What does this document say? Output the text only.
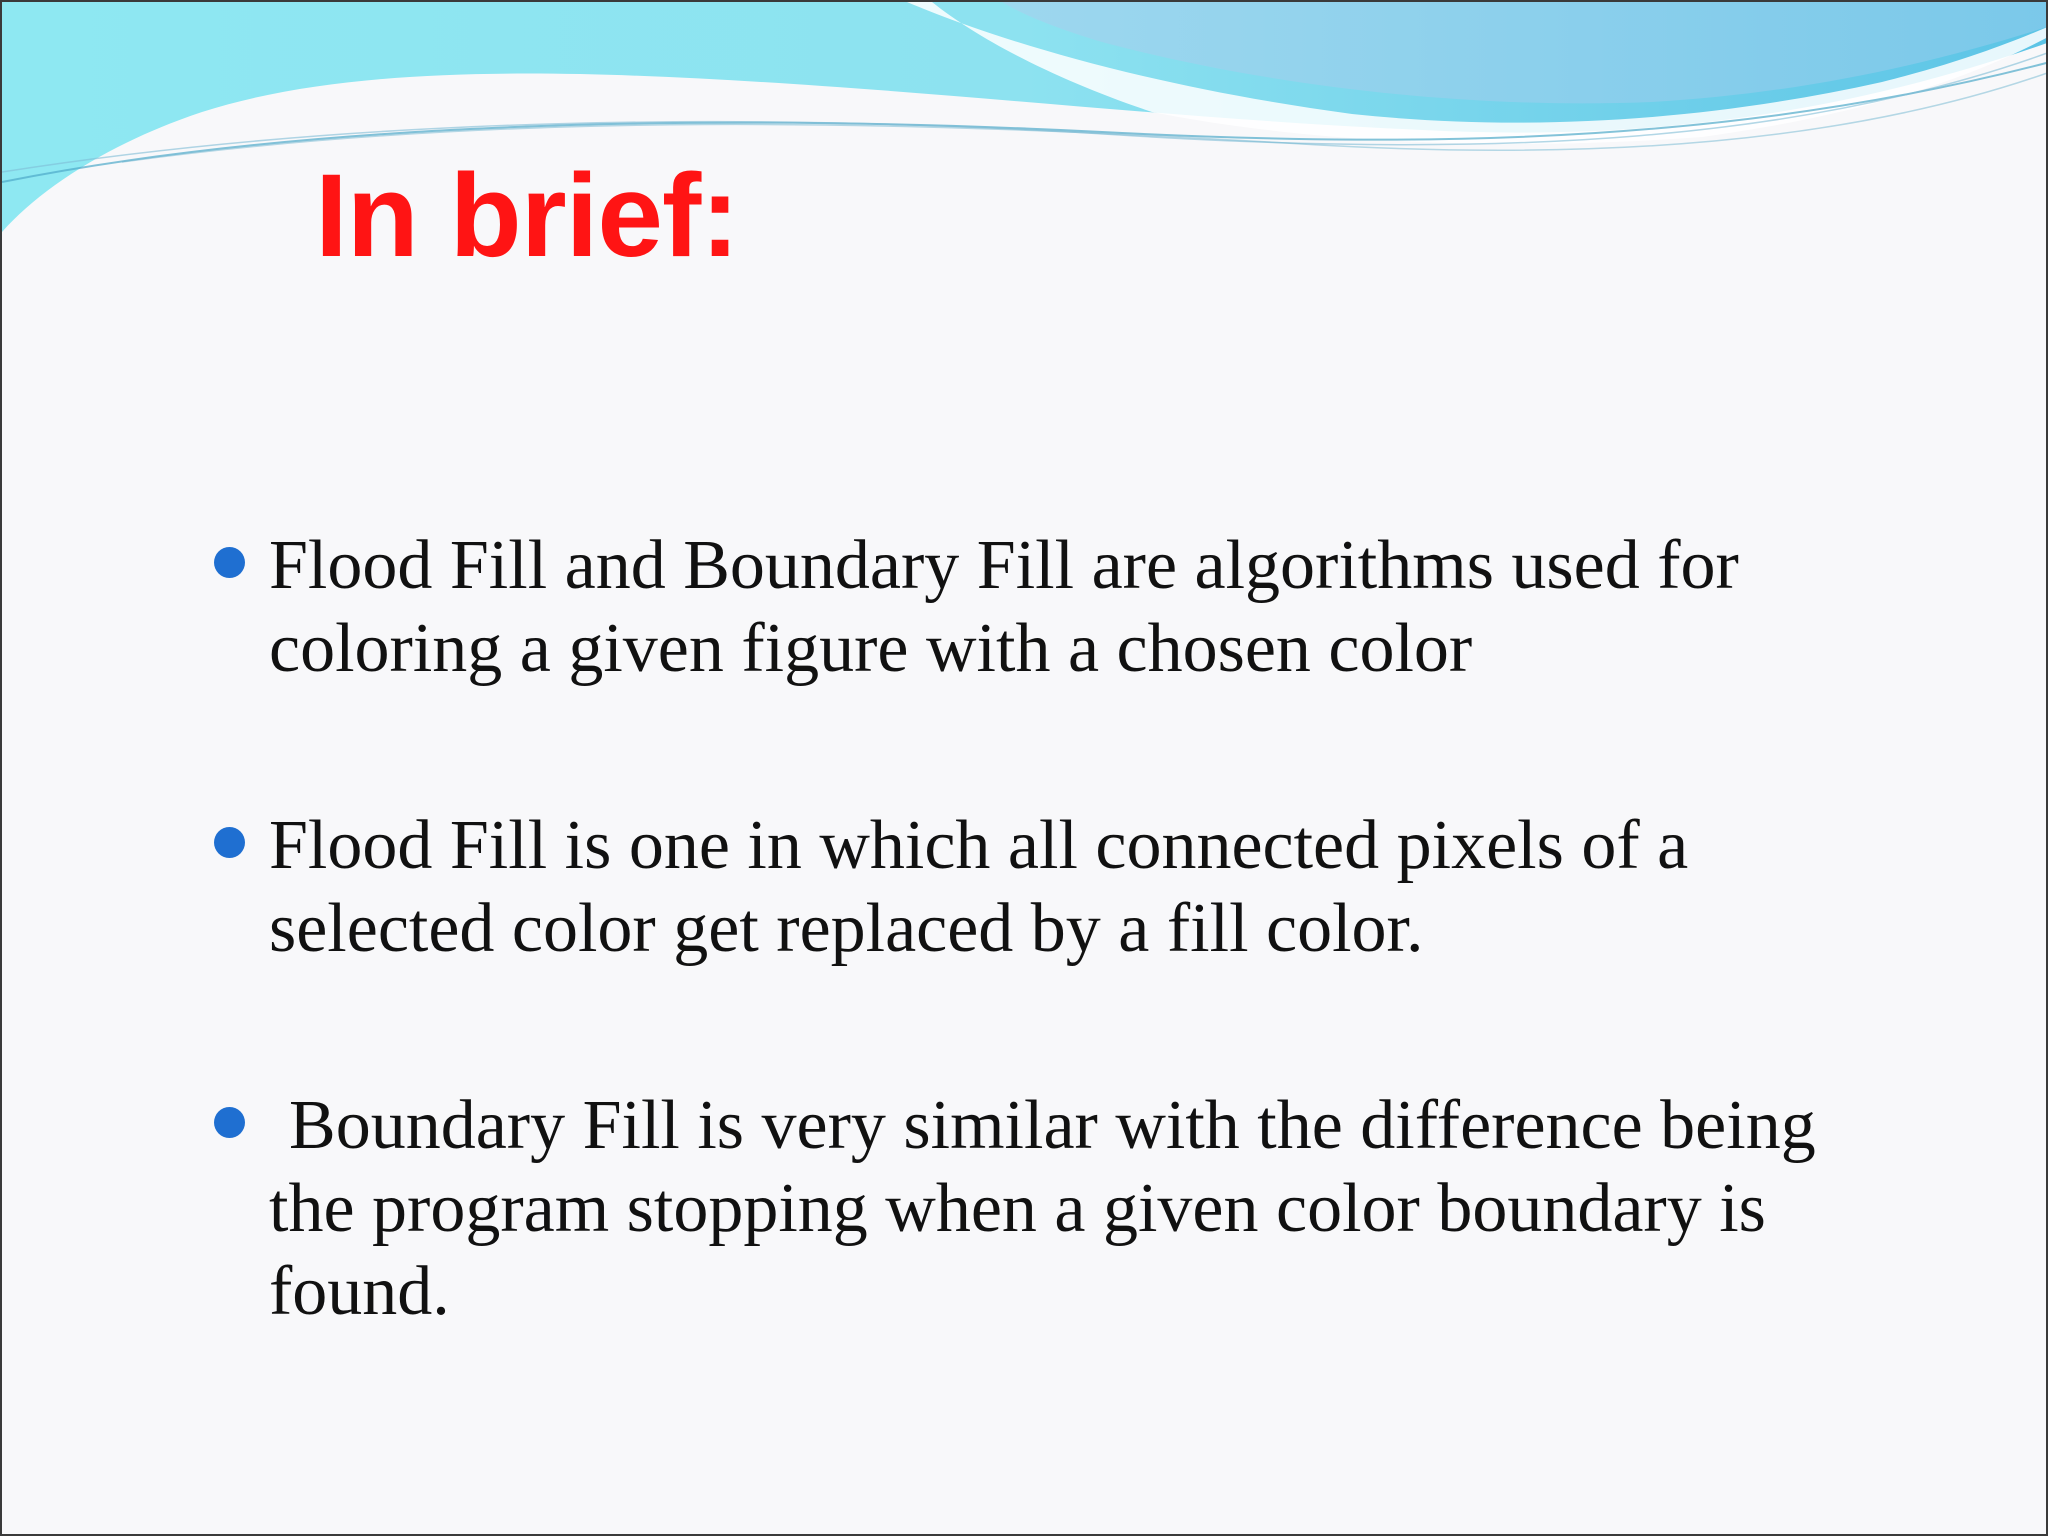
In brief:
Flood Fill and Boundary Fill are algorithms used for coloring a given figure with a chosen color
Flood Fill is one in which all connected pixels of a selected color get replaced by a fill color.
Boundary Fill is very similar with the difference being the program stopping when a given color boundary is found.
